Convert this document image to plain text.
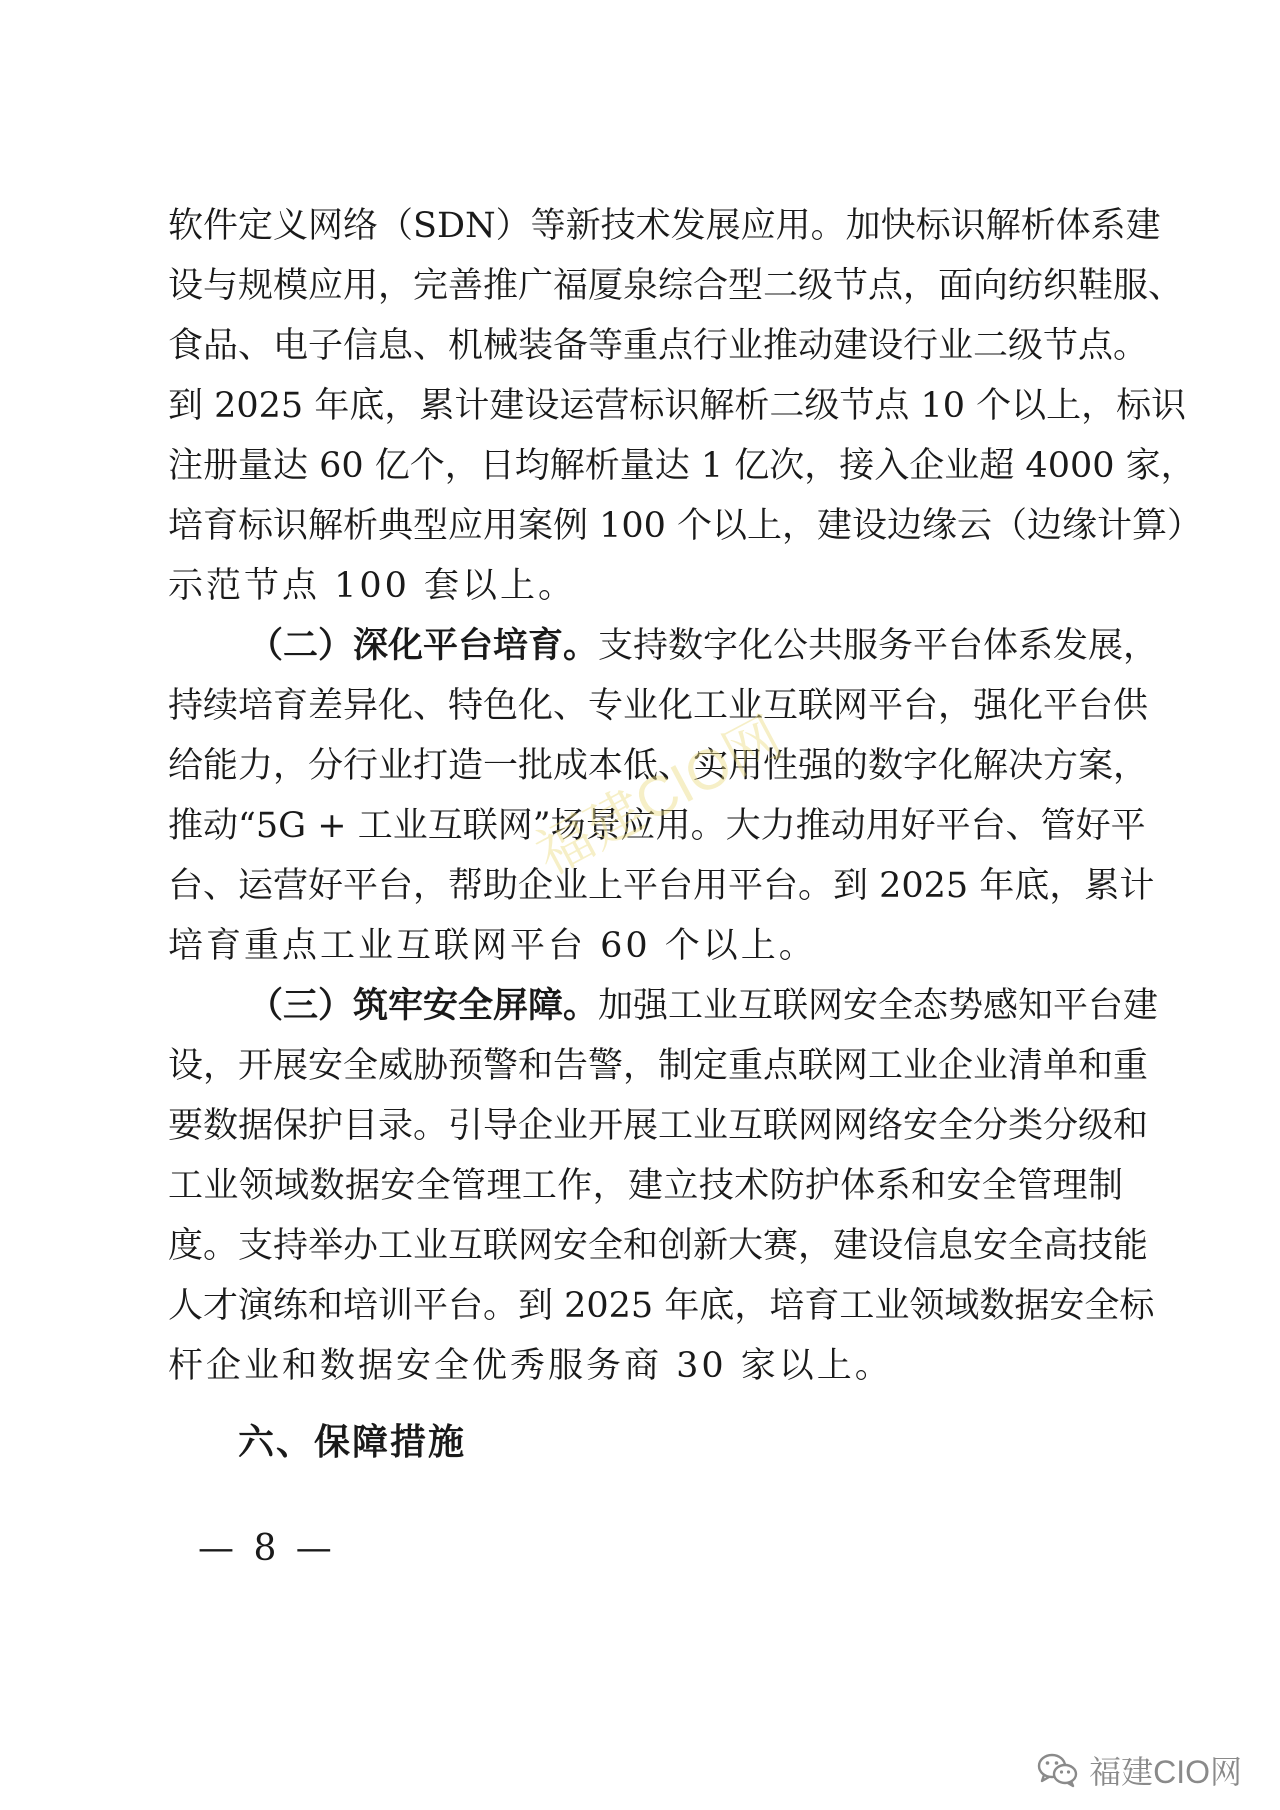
软件定义网络（SDN）等新技术发展应用。加快标识解析体系建
设与规模应用，完善推广福厦泉综合型二级节点，面向纺织鞋服、
食品、电子信息、机械装备等重点行业推动建设行业二级节点。
到 2025 年底，累计建设运营标识解析二级节点 10 个以上，标识
注册量达 60 亿个，日均解析量达 1 亿次，接入企业超 4000 家，
培育标识解析典型应用案例 100 个以上，建设边缘云（边缘计算）
示范节点 100 套以上。
（二）深化平台培育。支持数字化公共服务平台体系发展，
持续培育差异化、特色化、专业化工业互联网平台，强化平台供
给能力，分行业打造一批成本低、实用性强的数字化解决方案，
推动“5G + 工业互联网”场景应用。大力推动用好平台、管好平
台、运营好平台，帮助企业上平台用平台。到 2025 年底，累计
培育重点工业互联网平台 60 个以上。
（三）筑牢安全屏障。加强工业互联网安全态势感知平台建
设，开展安全威胁预警和告警，制定重点联网工业企业清单和重
要数据保护目录。引导企业开展工业互联网网络安全分类分级和
工业领域数据安全管理工作，建立技术防护体系和安全管理制
度。支持举办工业互联网安全和创新大赛，建设信息安全高技能
人才演练和培训平台。到 2025 年底，培育工业领域数据安全标
杆企业和数据安全优秀服务商 30 家以上。
六、保障措施
— 8 —
福建CIO网
福建CIO网
